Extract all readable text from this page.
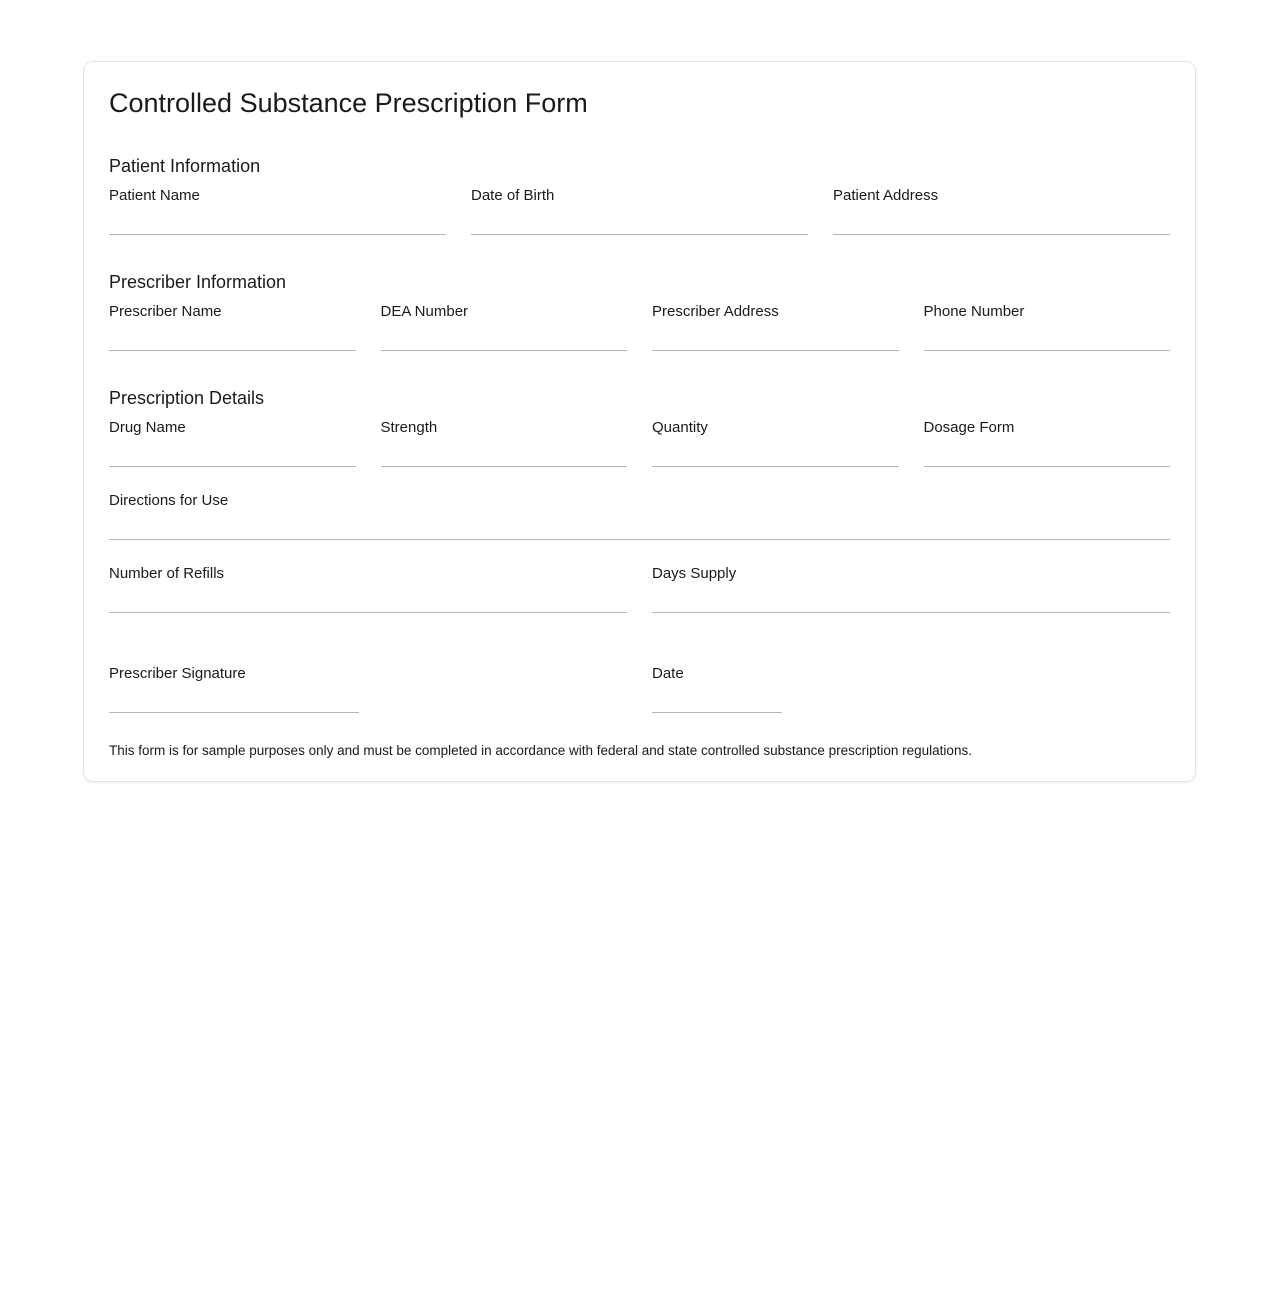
Controlled Substance Prescription Form
Patient Information
Patient Name	Date of Birth	Patient Address
Prescriber Information
Prescriber Name	DEA Number	Prescriber Address	Phone Number
Prescription Details
Drug Name	Strength	Quantity	Dosage Form
Directions for Use
Number of Refills	Days Supply
Prescriber Signature	Date

This form is for sample purposes only and must be completed in accordance with federal and state controlled substance prescription regulations.
